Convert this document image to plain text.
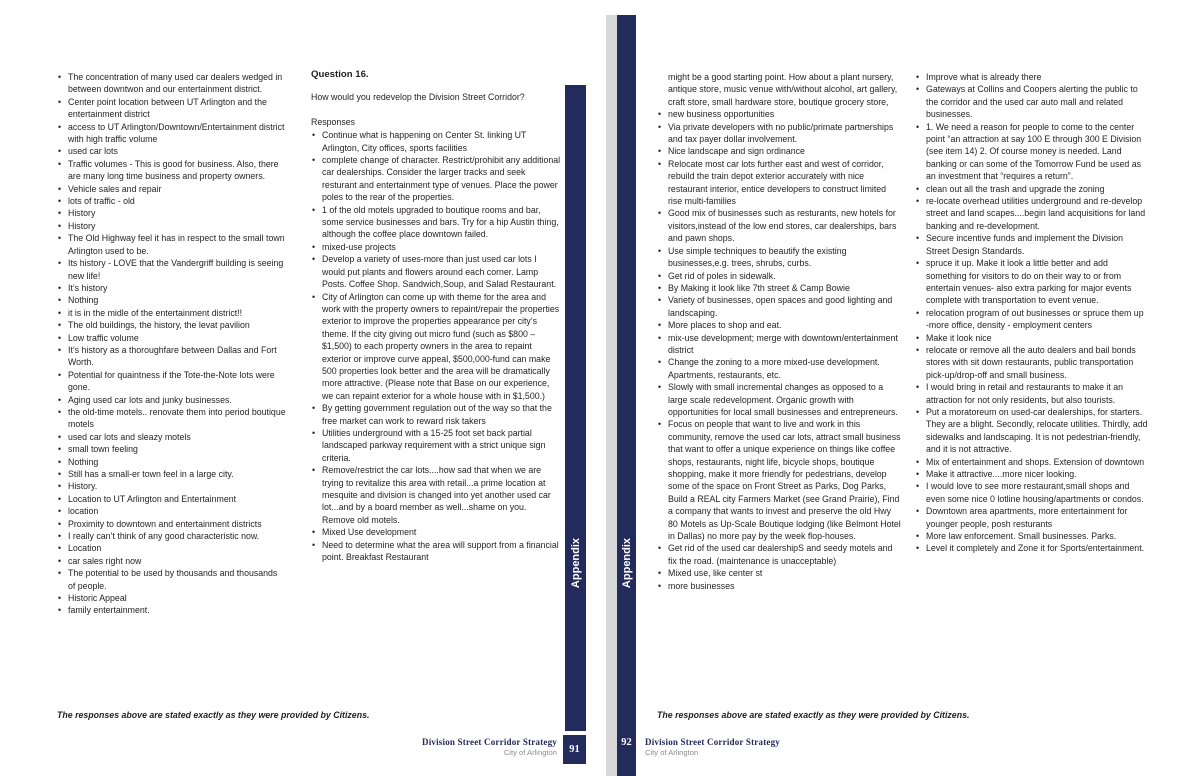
• The concentration of many used car dealers wedged in between downtwon and our entertainment district.
• Center point location between UT Arlington and the entertainment district
• access to UT Arlington/Downtown/Entertainment district with high traffic volume
• used car lots
• Traffic volumes - This is good for business. Also, there are many long time business and property owners.
• Vehicle sales and repair
• lots of traffic - old
• History
• History
• The Old Highway feel it has in respect to the small town Arlington used to be.
• Its history - LOVE that the Vandergriff building is seeing new life!
• It’s history
• Nothing
• it is in the midle of the entertainment district!!
• The old buildings, the history, the levat pavilion
• Low traffic volume
• It’s history as a thoroughfare between Dallas and Fort Worth.
• Potential for quaintness if the Tote-the-Note lots were gone.
• Aging used car lots and junky businesses.
• the old-time motels.. renovate them into period boutique motels
• used car lots and sleazy motels
• small town feeling
• Nothing
• Still has a small-er town feel in a large city.
• History.
• Location to UT Arlington and Entertainment
• location
• Proximity to downtown and entertainment districts
• I really can’t think of any good characteristic now.
• Location
• car sales right now
• The potential to be used by thousands and thousands of people.
• Historic Appeal
• family entertainment.
Question 16.
How would you redevelop the Division Street Corridor?
Responses
• Continue what is happening on Center St. linking UT Arlington, City offices, sports facilities
• complete change of character. Restrict/prohibit any additional car dealerships. Consider the larger tracks and seek resturant and entertainment type of venues. Place the power poles to the rear of the properties.
• 1 of the old motels upgraded to boutique rooms and bar, some service businesses and bars. Try for a hip Austin thing, although the coffee place downtown failed.
• mixed-use projects
• Develop a variety of uses-more than just used car lots I would put plants and flowers around each corner. Lamp Posts. Coffee Shop. Sandwich,Soup, and Salad Restaurant.
• City of Arlington can come up with theme for the area and work with the property owners to repaint/repair the properties exterior to improve the properties appearance per city’s theme. If the city giving out micro fund (such as $800 – $1,500) to each property owners in the area to repaint exterior or improve curve appeal, $500,000-fund can make 500 properties look better and the area will be dramatically more attractive. (Please note that Base on our experience, we can repaint exterior for a whole house with in $1,500.)
• By getting government regulation out of the way so that the free market can work to reward risk takers
• Utilities underground with a 15-25 foot set back partial landscaped parkway requirement with a strict unique sign criteria.
• Remove/restrict the car lots....how sad that when we are trying to revitalize this area with retail...a prime location at mesquite and division is changed into yet another used car lot...and by a board member as well...shame on you. Remove old motels.
• Mixed Use development
• Need to determine what the area will support from a financial point. Breakfast Restaurant
The responses above are stated exactly as they were provided by Citizens.
Division Street Corridor Strategy
City of Arlington
Appendix
91
Appendix
92
might be a good starting point. How about a plant nursery, antique store, music venue with/without alcohol, art gallery, craft store, small hardware store, boutique grocery store,
• new business opportunities
• Via private developers with no public/primate partnerships and tax payer dollar involvement.
• Nice landscape and sign ordinance
• Relocate most car lots further east and west of corridor, rebuild the train depot exterior accurately with nice restaurant interior, entice developers to construct limited rise multi-families
• Good mix of businesses such as resturants, new hotels for visitors,instead of the low end stores, car dealerships, bars and pawn shops.
• Use simple techniques to beautify the existing businesses,e.g. trees, shrubs, curbs.
• Get rid of poles in sidewalk.
• By Making it look like 7th street & Camp Bowie
• Variety of businesses, open spaces and good lighting and landscaping.
• More places to shop and eat.
• mix-use development; merge with downtown/entertainment district
• Change the zoning to a more mixed-use development. Apartments, restaurants, etc.
• Slowly with small incremental changes as opposed to a large scale redevelopment. Organic growth with opportunities for local small businesses and entrepreneurs.
• Focus on people that want to live and work in this community, remove the used car lots, attract small business that want to offer a unique experience on things like coffee shops, restaurants, night life, bicycle shops, boutique shopping, make it more friendly for pedestrians, develop some of the space on Front Street as Parks, Dog Parks, Build a REAL city Farmers Market (see Grand Prairie), Find a company that wants to invest and preserve the old Hwy 80 Motels as Up-Scale Boutique lodging (like Belmont Hotel in Dallas) no more pay by the week flop-houses.
• Get rid of the used car dealershipS and seedy motels and fix the road. (maintenance is unacceptable)
• Mixed use, like center st
• more businesses
• Improve what is already there
• Gateways at Collins and Coopers alerting the public to the corridor and the used car auto mall and related businesses.
• 1. We need a reason for people to come to the center point “an attraction at say 100 E through 300 E Division (see item 14) 2. Of course money is needed. Land banking or can some of the Tomorrow Fund be used as an investment that “requires a return”.
• clean out all the trash and upgrade the zoning
• re-locate overhead utilities underground and re-develop street and land scapes....begin land acquisitions for land banking and re-development.
• Secure incentive funds and implement the Division Street Design Standards.
• spruce it up. Make it look a little better and add something for visitors to do on their way to or from entertain venues- also extra parking for major events complete with transportation to event venue.
• relocation program of out businesses or spruce them up -more office, density - employment centers
• Make it look nice
• relocate or remove all the auto dealers and bail bonds stores with sit down restaurants, public transportation pick-up/drop-off and small business.
• I would bring in retail and restaurants to make it an attraction for not only residents, but also tourists.
• Put a moratoreum on used-car dealerships, for starters. They are a blight. Secondly, relocate utilities. Thirdly, add sidewalks and landscaping. It is not pedestrian-friendly, and it is not attractive.
• Mix of entertainment and shops. Extension of downtown
• Make it attractive....more nicer looking.
• I would love to see more restaurant,small shops and even some nice 0 lotline housing/apartments or condos.
• Downtown area apartments, more entertainment for younger people, posh resturants
• More law enforcement. Small businesses. Parks.
• Level it completely and Zone it for Sports/entertainment.
The responses above are stated exactly as they were provided by Citizens.
Division Street Corridor Strategy
City of Arlington
